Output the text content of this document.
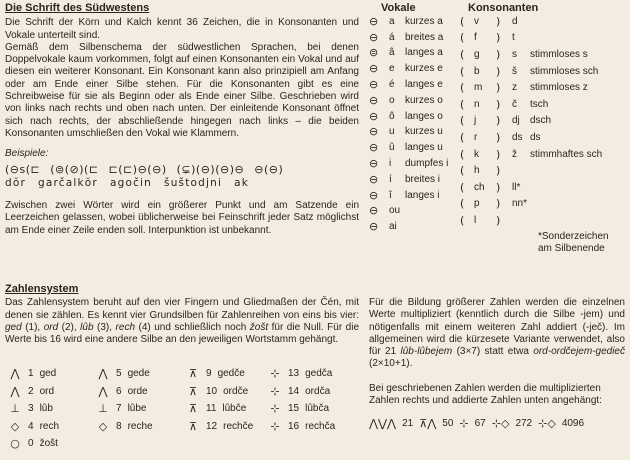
Die Schrift des Südwestens
Die Schrift der Körn und Kalch kennt 36 Zeichen, die in Konsonanten und Vokale unterteilt sind.
Gemäß dem Silbenschema der südwestlichen Sprachen, bei denen Doppelvokale kaum vorkommen, folgt auf einen Konsonanten ein Vokal und auf diesen ein weiterer Konsonant. Ein Konsonant kann also prinzipiell am Anfang oder am Ende einer Silbe stehen. Für die Konsonanten gibt es eine Schreibweise für sie als Beginn oder als Ende einer Silbe. Geschrieben wird von links nach rechts und oben nach unten. Der einleitende Konsonant öffnet sich nach rechts, der abschließende hingegen nach links – die beiden Konsonanten umschließen den Vokal wie Klammern.
Beispiele:
(⊖ꜱ(⊏ (⊜(⊘)(⊏ ⊏(⊏)⊖(⊖) (⊊)(⊖)(⊖)⊖ ⊖(⊖)
dŏr garčalkŏr agočin šuštodjni ak
Zwischen zwei Wörter wird ein größerer Punkt und am Satzende ein Leerzeichen gelassen, wobei üblicherweise bei Feinschrift jeder Satz möglichst am Ende einer Zeile enden soll. Interpunktion ist unbekannt.
Vokale
⊖	a	kurzes a
⊖	á	breites a
⊜	â	langes a
⊖	e	kurzes e
⊖	é	langes e
⊖	o	kurzes o
⊖	ô	langes o
⊖	u	kurzes u
⊖	û	langes u
⊖	i	dumpfes i
⊖	í	breites i
⊖	î	langes i
⊖	ou
⊖	ai
Konsonanten
( v	)	d
( f	)	t
( g	)	s	stimmloses s
( b	)	š	stimmloses sch
( m	)	z	stimmloses z
( n	)	č	tsch
( j	)	dj	dsch
( r	)	ds ds
( k	)	ž	stimmhaftes sch
( h	)
( ch	)	ll*
( p	)	nn*
( l	)
*Sonderzeichen
am Silbenende
Zahlensystem
Das Zahlensystem beruht auf den vier Fingern und Gliedmaßen der Čén, mit denen sie zählen. Es kennt vier Grundsilben für Zahlenreihen von eins bis vier: ged (1), ord (2), lûb (3), rech (4) und schließlich noch žošt für die Null. Für die Werte bis 16 wird eine andere Silbe an den jeweiligen Wortstamm gehängt.
⋀ 1 ged	⋀ 5 gede	⊼ 9 gedče ⊹ 13 gedča
⋀ 2 ord	⋀ 6 orde	⊼ 10 ordče ⊹ 14 ordča
⊥ 3 lûb	⊥ 7 lûbe	⊼ 11 lûbče ⊹ 15 lûbča
◇ 4 rech	◇ 8 reche	⊼ 12 rechče ⊹ 16 rechča
○ 0 žošt
Für die Bildung größerer Zahlen werden die einzelnen Werte multipliziert (kenntlich durch die Silbe -jem) und nötigenfalls mit einem weiteren Zahl addiert (-ječ). Im allgemeinen wird die kürzesete Variante verwendet, also für 21 lûb-lûbejem (3×7) statt etwa ord-ordčejem-gedieč (2×10+1).
Bei geschriebenen Zahlen werden die multiplizierten Zahlen rechts und addierte Zahlen unten angehängt:
⋀⋁⋀ 21 ⊼⋀ 50 ⊹ 67 ⊹◇ 272 ⊹◇ 4096
